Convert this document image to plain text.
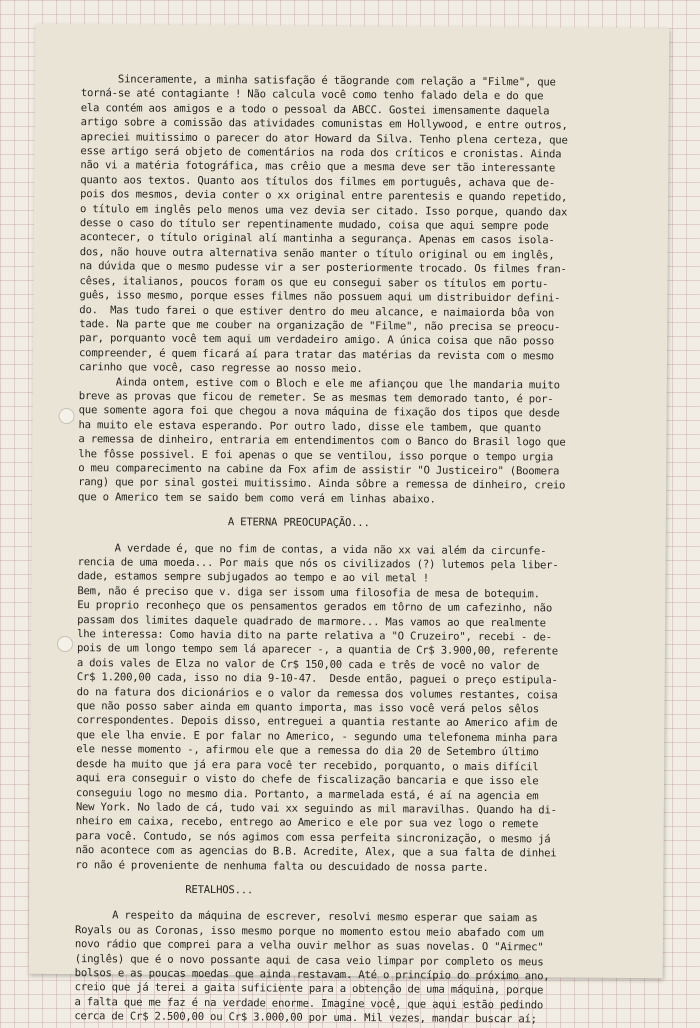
Sinceramente, a minha satisfação é tãogrande com relação a "Filme", que
torná-se até contagiante ! Não calcula você como tenho falado dela e do que
ela contém aos amigos e a todo o pessoal da ABCC. Gostei imensamente daquela
artigo sobre a comissão das atividades comunistas em Hollywood, e entre outros,
apreciei muitissimo o parecer do ator Howard da Silva. Tenho plena certeza, que
esse artigo será objeto de comentários na roda dos críticos e cronistas. Ainda
não vi a matéria fotográfica, mas crêio que a mesma deve ser tão interessante
quanto aos textos. Quanto aos títulos dos filmes em português, achava que de-
pois dos mesmos, devia conter o xx original entre parentesis e quando repetido,
o título em inglês pelo menos uma vez devia ser citado. Isso porque, quando dax
desse o caso do título ser repentinamente mudado, coisa que aqui sempre pode
acontecer, o título original alí mantinha a segurança. Apenas em casos isola-
dos, não houve outra alternativa senão manter o título original ou em inglês,
na dúvida que o mesmo pudesse vir a ser posteriormente trocado. Os filmes fran-
cêses, italianos, poucos foram os que eu consegui saber os títulos em portu-
guês, isso mesmo, porque esses filmes não possuem aqui um distribuidor defini-
do.  Mas tudo farei o que estiver dentro do meu alcance, e naimaiorda bôa von
tade. Na parte que me couber na organização de "Filme", não precisa se preocu-
par, porquanto você tem aqui um verdadeiro amigo. A única coisa que não posso
compreender, é quem ficará aí para tratar das matérias da revista com o mesmo
carinho que você, caso regresse ao nosso meio.
Ainda ontem, estive com o Bloch e ele me afiançou que lhe mandaria muito
breve as provas que ficou de remeter. Se as mesmas tem demorado tanto, é por-
que somente agora foi que chegou a nova máquina de fixação dos tipos que desde
ha muito ele estava esperando. Por outro lado, disse ele tambem, que quanto
a remessa de dinheiro, entraria em entendimentos com o Banco do Brasil logo que
lhe fôsse possivel. E foi apenas o que se ventilou, isso porque o tempo urgia
o meu comparecimento na cabine da Fox afim de assistir "O Justiceiro" (Boomera
rang) que por sinal gostei muitissimo. Ainda sôbre a remessa de dinheiro, creio
que o Americo tem se saido bem como verá em linhas abaixo.
A ETERNA PREOCUPAÇÃO...
A verdade é, que no fim de contas, a vida não xx vai além da circunfe-
rencia de uma moeda... Por mais que nós os civilizados (?) lutemos pela liber-
dade, estamos sempre subjugados ao tempo e ao vil metal !
Bem, não é preciso que v. diga ser issom uma filosofia de mesa de botequim.
Eu proprio reconheço que os pensamentos gerados em tôrno de um cafezinho, não
passam dos limites daquele quadrado de marmore... Mas vamos ao que realmente
lhe interessa: Como havia dito na parte relativa a "O Cruzeiro", recebi - de-
pois de um longo tempo sem lá aparecer -, a quantia de Cr$ 3.900,00, referente
a dois vales de Elza no valor de Cr$ 150,00 cada e três de você no valor de
Cr$ 1.200,00 cada, isso no dia 9-10-47.  Desde então, paguei o preço estipula-
do na fatura dos dicionários e o valor da remessa dos volumes restantes, coisa
que não posso saber ainda em quanto importa, mas isso você verá pelos sêlos
correspondentes. Depois disso, entreguei a quantia restante ao Americo afim de
que ele lha envie. E por falar no Americo, - segundo uma telefonema minha para
ele nesse momento -, afirmou ele que a remessa do dia 20 de Setembro último
desde ha muito que já era para você ter recebido, porquanto, o mais difícil
aqui era conseguir o visto do chefe de fiscalização bancaria e que isso ele
conseguiu logo no mesmo dia. Portanto, a marmelada está, é aí na agencia em
New York. No lado de cá, tudo vai xx seguindo as mil maravilhas. Quando ha di-
nheiro em caixa, recebo, entrego ao Americo e ele por sua vez logo o remete
para você. Contudo, se nós agimos com essa perfeita sincronização, o mesmo já
não acontece com as agencias do B.B. Acredite, Alex, que a sua falta de dinhei
ro não é proveniente de nenhuma falta ou descuidado de nossa parte.
RETALHOS...
A respeito da máquina de escrever, resolvi mesmo esperar que saiam as
Royals ou as Coronas, isso mesmo porque no momento estou meio abafado com um
novo rádio que comprei para a velha ouvir melhor as suas novelas. O "Airmec"
(inglês) que é o novo possante aqui de casa veio limpar por completo os meus
bolsos e as poucas moedas que ainda restavam. Até o princípio do próximo ano,
creio que já terei a gaita suficiente para a obtenção de uma máquina, porque
a falta que me faz é na verdade enorme. Imagine você, que aqui estão pedindo
cerca de Cr$ 2.500,00 ou Cr$ 3.000,00 por uma. Mil vezes, mandar buscar aí;
